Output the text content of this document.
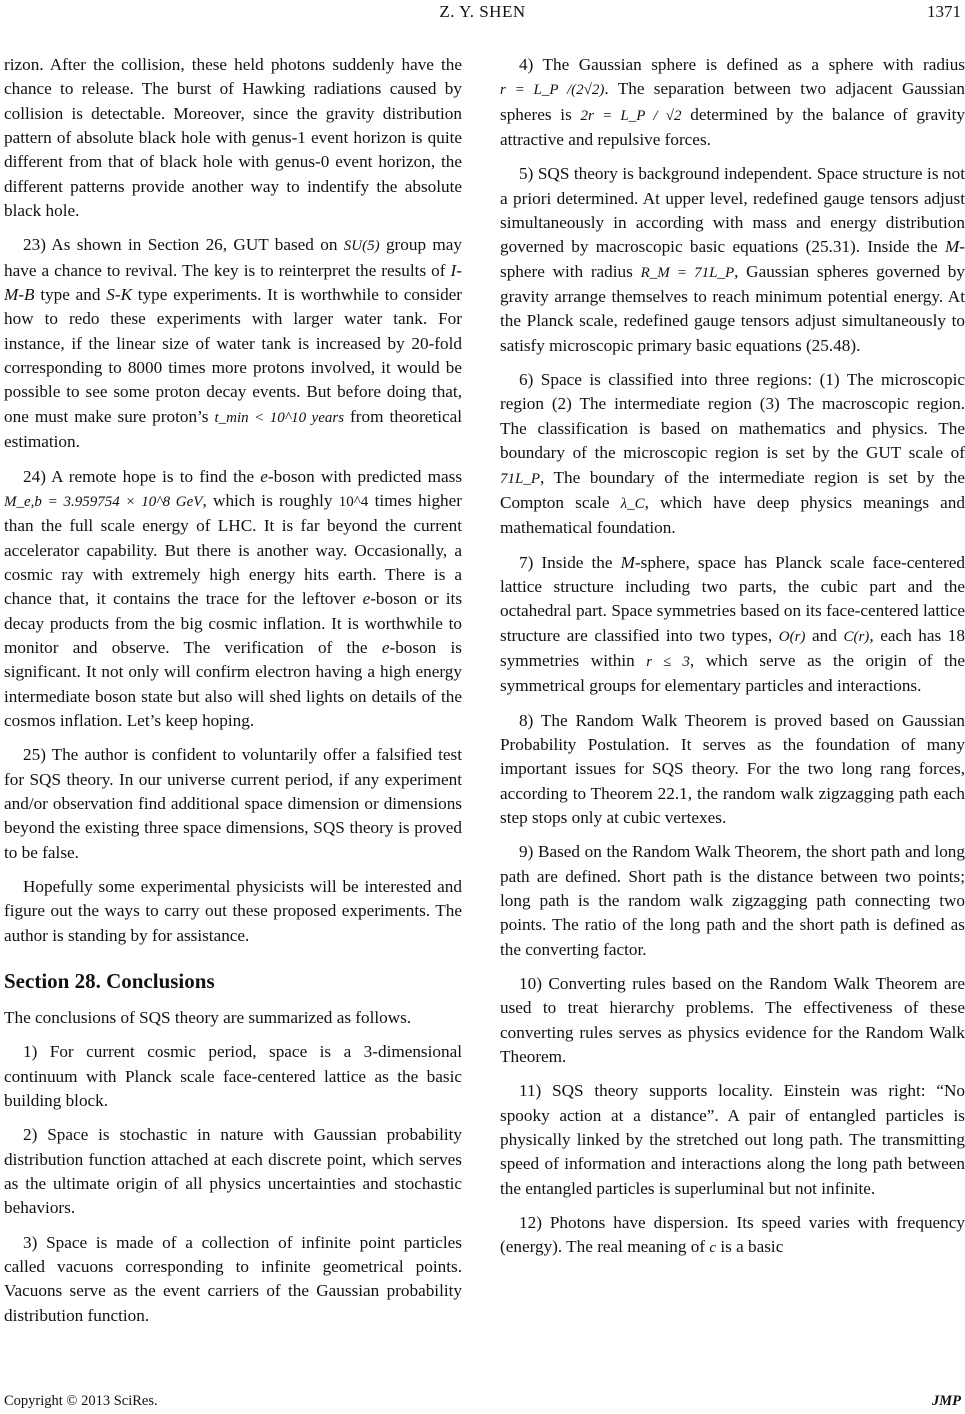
Z. Y. SHEN	1371

rizon. After the collision, these held photons suddenly have the chance to release. The burst of Hawking radiations caused by collision is detectable. Moreover, since the gravity distribution pattern of absolute black hole with genus-1 event horizon is quite different from that of black hole with genus-0 event horizon, the different patterns provide another way to indentify the absolute black hole.

23) As shown in Section 26, GUT based on SU(5) group may have a chance to revival. The key is to reinterpret the results of I-M-B type and S-K type experiments. It is worthwhile to consider how to redo these experiments with larger water tank. For instance, if the linear size of water tank is increased by 20-fold corresponding to 8000 times more protons involved, it would be possible to see some proton decay events. But before doing that, one must make sure proton’s t_min < 10^10 years from theoretical estimation.

24) A remote hope is to find the e-boson with predicted mass M_e,b = 3.959754 × 10^8 GeV, which is roughly 10^4 times higher than the full scale energy of LHC. It is far beyond the current accelerator capability. But there is another way. Occasionally, a cosmic ray with extremely high energy hits earth. There is a chance that, it contains the trace for the leftover e-boson or its decay products from the big cosmic inflation. It is worthwhile to monitor and observe. The verification of the e-boson is significant. It not only will confirm electron having a high energy intermediate boson state but also will shed lights on details of the cosmos inflation. Let’s keep hoping.

25) The author is confident to voluntarily offer a falsified test for SQS theory. In our universe current period, if any experiment and/or observation find additional space dimension or dimensions beyond the existing three space dimensions, SQS theory is proved to be false.

Hopefully some experimental physicists will be interested and figure out the ways to carry out these proposed experiments. The author is standing by for assistance.

Section 28. Conclusions

The conclusions of SQS theory are summarized as follows.

1) For current cosmic period, space is a 3-dimensional continuum with Planck scale face-centered lattice as the basic building block.

2) Space is stochastic in nature with Gaussian probability distribution function attached at each discrete point, which serves as the ultimate origin of all physics uncertainties and stochastic behaviors.

3) Space is made of a collection of infinite point particles called vacuons corresponding to infinite geometrical points. Vacuons serve as the event carriers of the Gaussian probability distribution function.

4) The Gaussian sphere is defined as a sphere with radius r = L_P /(2√2). The separation between two adjacent Gaussian spheres is 2r = L_P / √2 determined by the balance of gravity attractive and repulsive forces.

5) SQS theory is background independent. Space structure is not a priori determined. At upper level, redefined gauge tensors adjust simultaneously in according with mass and energy distribution governed by macroscopic basic equations (25.31). Inside the M-sphere with radius R_M = 71L_P, Gaussian spheres governed by gravity arrange themselves to reach minimum potential energy. At the Planck scale, redefined gauge tensors adjust simultaneously to satisfy microscopic primary basic equations (25.48).

6) Space is classified into three regions: (1) The microscopic region (2) The intermediate region (3) The macroscopic region. The classification is based on mathematics and physics. The boundary of the microscopic region is set by the GUT scale of 71L_P, The boundary of the intermediate region is set by the Compton scale λ_C, which have deep physics meanings and mathematical foundation.

7) Inside the M-sphere, space has Planck scale face-centered lattice structure including two parts, the cubic part and the octahedral part. Space symmetries based on its face-centered lattice structure are classified into two types, O(r) and C(r), each has 18 symmetries within r ≤ 3, which serve as the origin of the symmetrical groups for elementary particles and interactions.

8) The Random Walk Theorem is proved based on Gaussian Probability Postulation. It serves as the foundation of many important issues for SQS theory. For the two long rang forces, according to Theorem 22.1, the random walk zigzagging path each step stops only at cubic vertexes.

9) Based on the Random Walk Theorem, the short path and long path are defined. Short path is the distance between two points; long path is the random walk zigzagging path connecting two points. The ratio of the long path and the short path is defined as the converting factor.

10) Converting rules based on the Random Walk Theorem are used to treat hierarchy problems. The effectiveness of these converting rules serves as physics evidence for the Random Walk Theorem.

11) SQS theory supports locality. Einstein was right: “No spooky action at a distance”. A pair of entangled particles is physically linked by the stretched out long path. The transmitting speed of information and interactions along the long path between the entangled particles is superluminal but not infinite.

12) Photons have dispersion. Its speed varies with frequency (energy). The real meaning of c is a basic

Copyright © 2013 SciRes.	JMP
